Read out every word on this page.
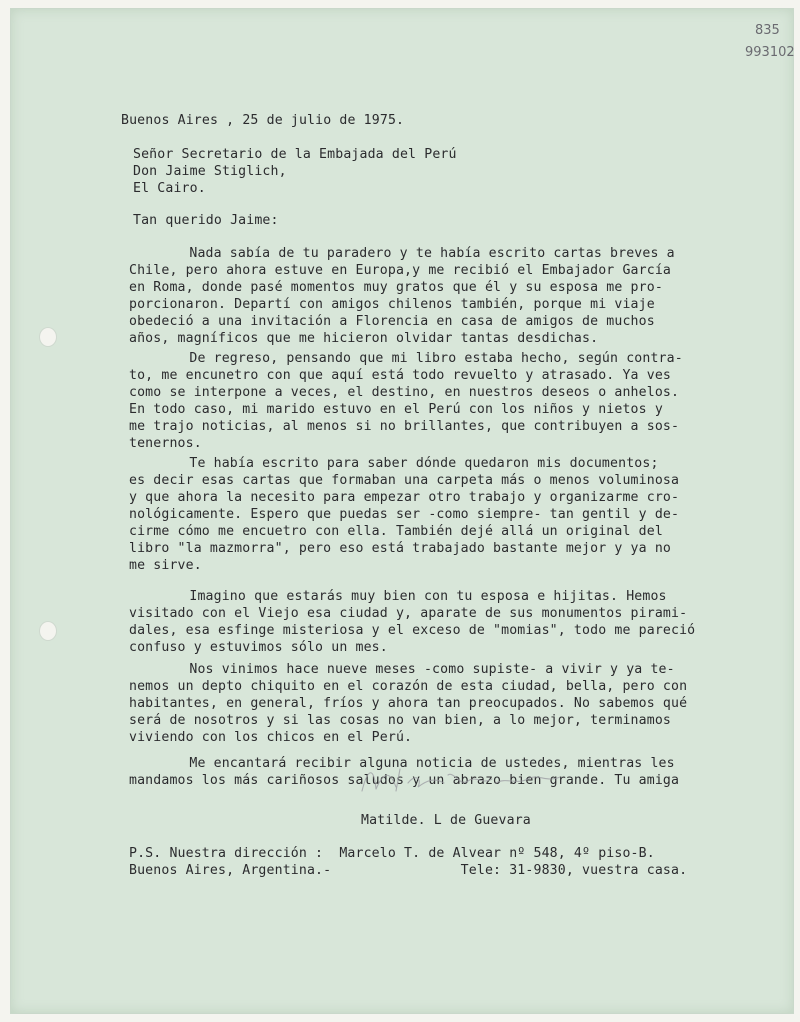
835
993102
Buenos Aires , 25 de julio de 1975.
Señor Secretario de la Embajada del Perú
Don Jaime Stiglich,
El Cairo.
Tan querido Jaime:
Nada sabía de tu paradero y te había escrito cartas breves a
Chile, pero ahora estuve en Europa,y me recibió el Embajador García
en Roma, donde pasé momentos muy gratos que él y su esposa me pro-
porcionaron. Departí con amigos chilenos también, porque mi viaje
obedeció a una invitación a Florencia en casa de amigos de muchos
años, magníficos que me hicieron olvidar tantas desdichas.
De regreso, pensando que mi libro estaba hecho, según contra-
to, me encunetro con que aquí está todo revuelto y atrasado. Ya ves
como se interpone a veces, el destino, en nuestros deseos o anhelos.
En todo caso, mi marido estuvo en el Perú con los niños y nietos y
me trajo noticias, al menos si no brillantes, que contribuyen a sos-
tenernos.
Te había escrito para saber dónde quedaron mis documentos;
es decir esas cartas que formaban una carpeta más o menos voluminosa
y que ahora la necesito para empezar otro trabajo y organizarme cro-
nológicamente. Espero que puedas ser -como siempre- tan gentil y de-
cirme cómo me encuetro con ella. También dejé allá un original del
libro "la mazmorra", pero eso está trabajado bastante mejor y ya no
me sirve.
Imagino que estarás muy bien con tu esposa e hijitas. Hemos
visitado con el Viejo esa ciudad y, aparate de sus monumentos pirami-
dales, esa esfinge misteriosa y el exceso de "momias", todo me pareció
confuso y estuvimos sólo un mes.
Nos vinimos hace nueve meses -como supiste- a vivir y ya te-
nemos un depto chiquito en el corazón de esta ciudad, bella, pero con
habitantes, en general, fríos y ahora tan preocupados. No sabemos qué
será de nosotros y si las cosas no van bien, a lo mejor, terminamos
viviendo con los chicos en el Perú.
Me encantará recibir alguna noticia de ustedes, mientras les
mandamos los más cariñosos saludos y un abrazo bien grande. Tu amiga
Matilde. L de Guevara
P.S. Nuestra dirección :  Marcelo T. de Alvear nº 548, 4º piso-B.
Buenos Aires, Argentina.-                Tele: 31-9830, vuestra casa.
